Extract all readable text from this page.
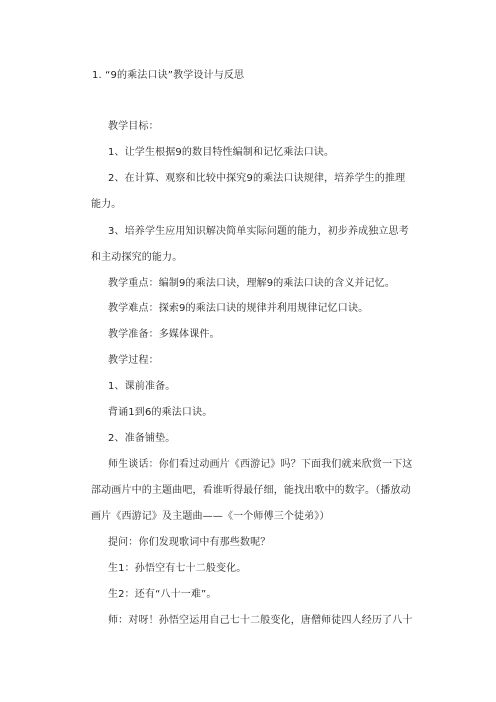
1. “9的乘法口诀”教学设计与反思
教学目标：
1、让学生根据9的数目特性编制和记忆乘法口诀。
2、在计算、观察和比较中探究9的乘法口诀规律，培养学生的推理
能力。
3、培养学生应用知识解决简单实际问题的能力，初步养成独立思考
和主动探究的能力。
教学重点：编制9的乘法口诀，理解9的乘法口诀的含义并记忆。
教学难点：探索9的乘法口诀的规律并利用规律记忆口诀。
教学准备：多媒体课件。
教学过程：
1、课前准备。
背诵1到6的乘法口诀。
2、准备铺垫。
师生谈话：你们看过动画片《西游记》吗？下面我们就来欣赏一下这
部动画片中的主题曲吧，看谁听得最仔细，能找出歌中的数字。（播放动
画片《西游记》及主题曲——《一个师傅三个徒弟》）
提问：你们发现歌词中有那些数呢？
生1：孙悟空有七十二般变化。
生2：还有“八十一难”。
师：对呀！孙悟空运用自己七十二般变化，唐僧师徒四人经历了八十
